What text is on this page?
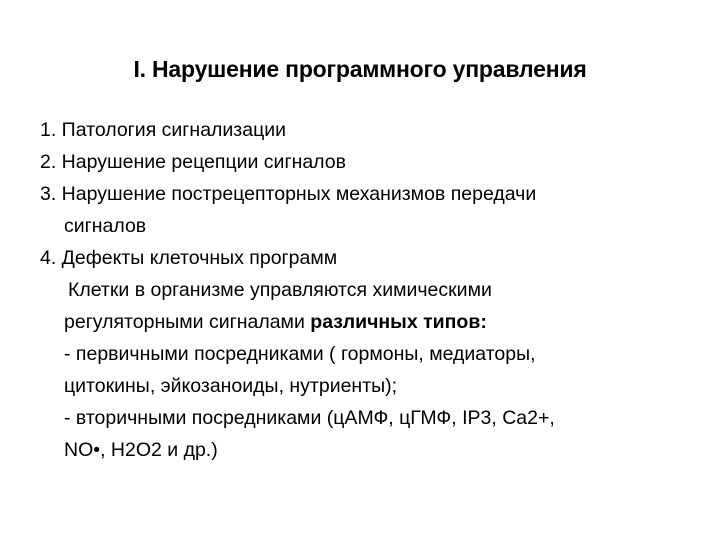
I. Нарушение программного управления
1. Патология сигнализации
2. Нарушение рецепции сигналов
3. Нарушение пострецепторных механизмов передачи
сигналов
4. Дефекты клеточных программ
Клетки в организме управляются химическими
регуляторными сигналами различных типов:
- первичными посредниками ( гормоны, медиаторы,
цитокины, эйкозаноиды, нутриенты);
- вторичными посредниками (цАМФ, цГМФ, IP3, Ca2+,
NO•, Н2О2 и др.)
